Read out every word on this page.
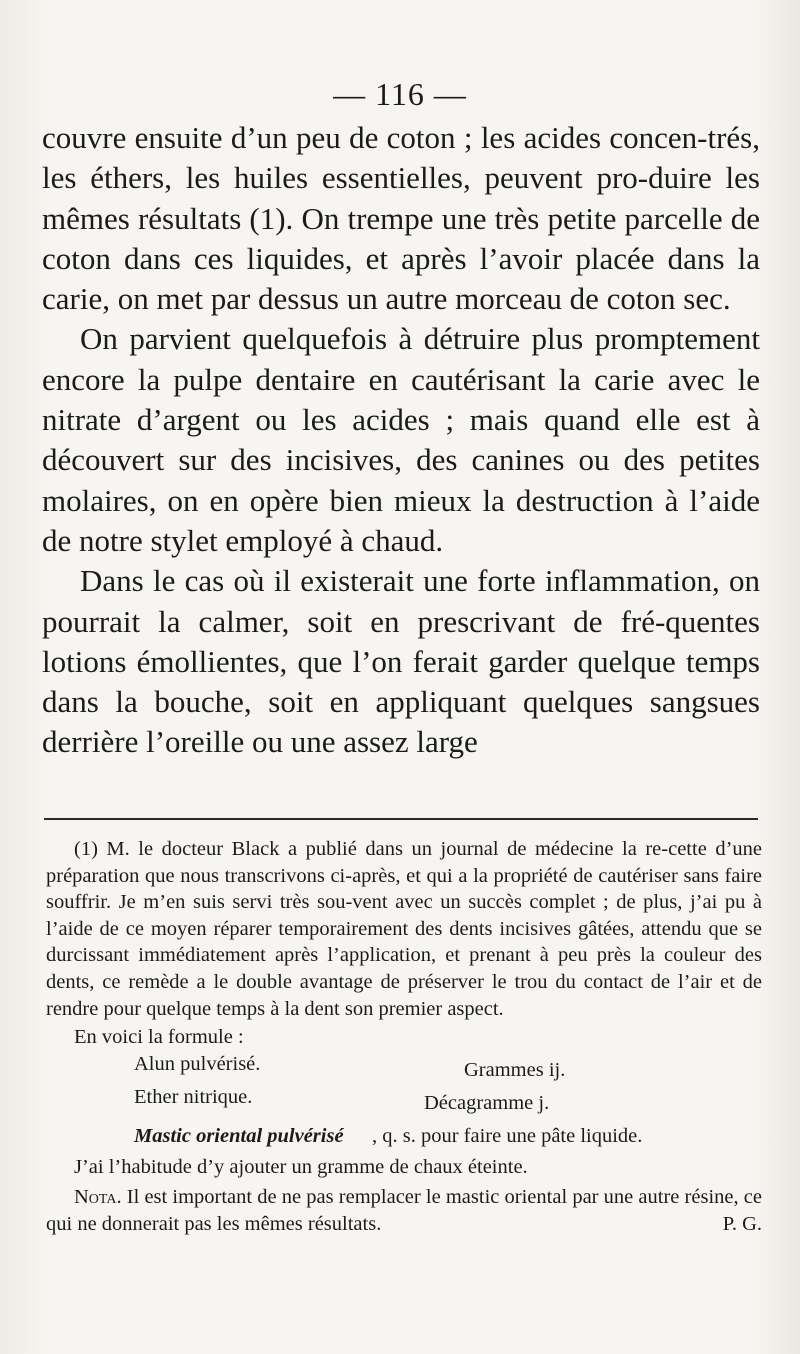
— 116 —

couvre ensuite d’un peu de coton ; les acides concen-trés, les éthers, les huiles essentielles, peuvent pro-duire les mêmes résultats (1). On trempe une très petite parcelle de coton dans ces liquides, et après l’avoir placée dans la carie, on met par dessus un autre morceau de coton sec.

On parvient quelquefois à détruire plus promptement encore la pulpe dentaire en cautérisant la carie avec le nitrate d’argent ou les acides ; mais quand elle est à découvert sur des incisives, des canines ou des petites molaires, on en opère bien mieux la destruction à l’aide de notre stylet employé à chaud.

Dans le cas où il existerait une forte inflammation, on pourrait la calmer, soit en prescrivant de fré-quentes lotions émollientes, que l’on ferait garder quelque temps dans la bouche, soit en appliquant quelques sangsues derrière l’oreille ou une assez large

(1) M. le docteur Black a publié dans un journal de médecine la re-cette d’une préparation que nous transcrivons ci-après, et qui a la propriété de cautériser sans faire souffrir. Je m’en suis servi très sou-vent avec un succès complet ; de plus, j’ai pu à l’aide de ce moyen réparer temporairement des dents incisives gâtées, attendu que se durcissant immédiatement après l’application, et prenant à peu près la couleur des dents, ce remède a le double avantage de préserver le trou du contact de l’air et de rendre pour quelque temps à la dent son premier aspect.

En voici la formule :

Alun pulvérisé.	Grammes ij.
Ether nitrique.	Décagramme j.
Mastic oriental pulvérisé , q. s. pour faire une pâte liquide.

J’ai l’habitude d’y ajouter un gramme de chaux éteinte.

Nota. Il est important de ne pas remplacer le mastic oriental par une autre résine, ce qui ne donnerait pas les mêmes résultats.	P. G.
